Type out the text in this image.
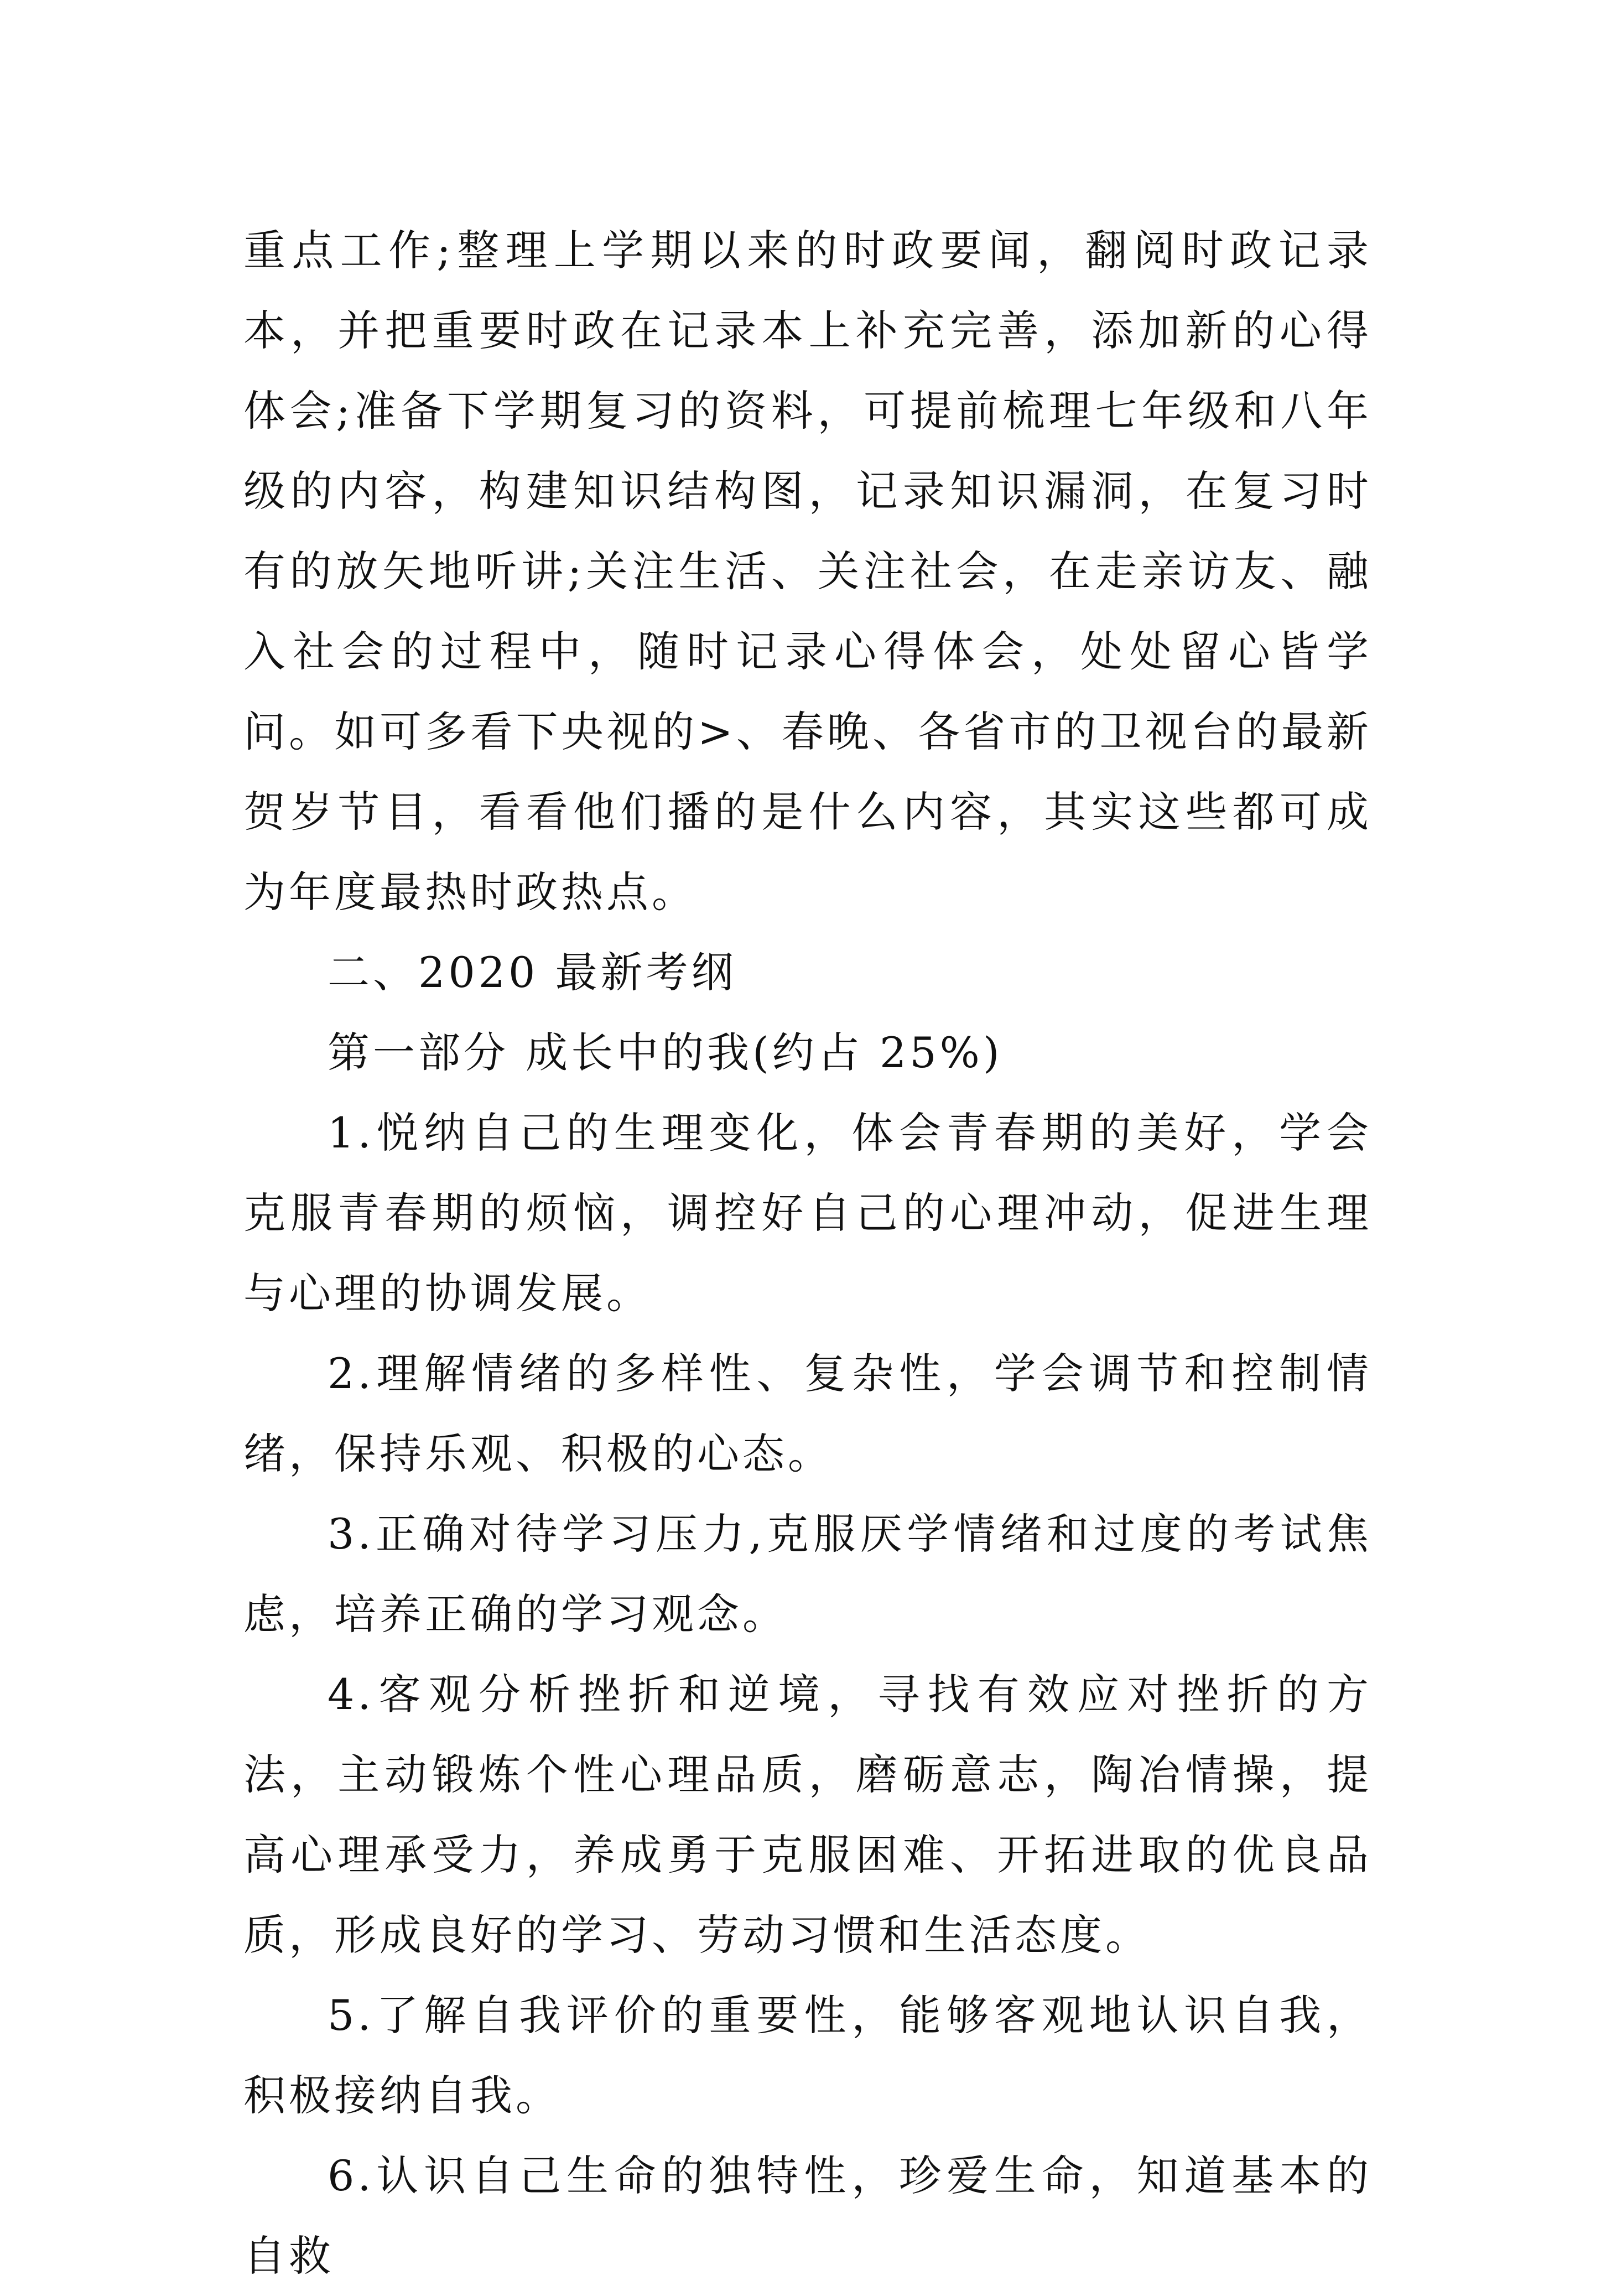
重点工作;整理上学期以来的时政要闻，翻阅时政记录本，并把重要时政在记录本上补充完善，添加新的心得体会;准备下学期复习的资料，可提前梳理七年级和八年级的内容，构建知识结构图，记录知识漏洞，在复习时有的放矢地听讲;关注生活、关注社会，在走亲访友、融入社会的过程中，随时记录心得体会，处处留心皆学问。如可多看下央视的>、春晚、各省市的卫视台的最新贺岁节目，看看他们播的是什么内容，其实这些都可成为年度最热时政热点。

二、2020 最新考纲

第一部分 成长中的我(约占 25%)

1.悦纳自己的生理变化，体会青春期的美好，学会克服青春期的烦恼，调控好自己的心理冲动，促进生理与心理的协调发展。

2.理解情绪的多样性、复杂性，学会调节和控制情绪，保持乐观、积极的心态。

3.正确对待学习压力,克服厌学情绪和过度的考试焦虑，培养正确的学习观念。

4.客观分析挫折和逆境，寻找有效应对挫折的方法，主动锻炼个性心理品质，磨砺意志，陶冶情操，提高心理承受力，养成勇于克服困难、开拓进取的优良品质，形成良好的学习、劳动习惯和生活态度。

5.了解自我评价的重要性，能够客观地认识自我，积极接纳自我。

6.认识自己生命的独特性，珍爱生命，知道基本的自救
